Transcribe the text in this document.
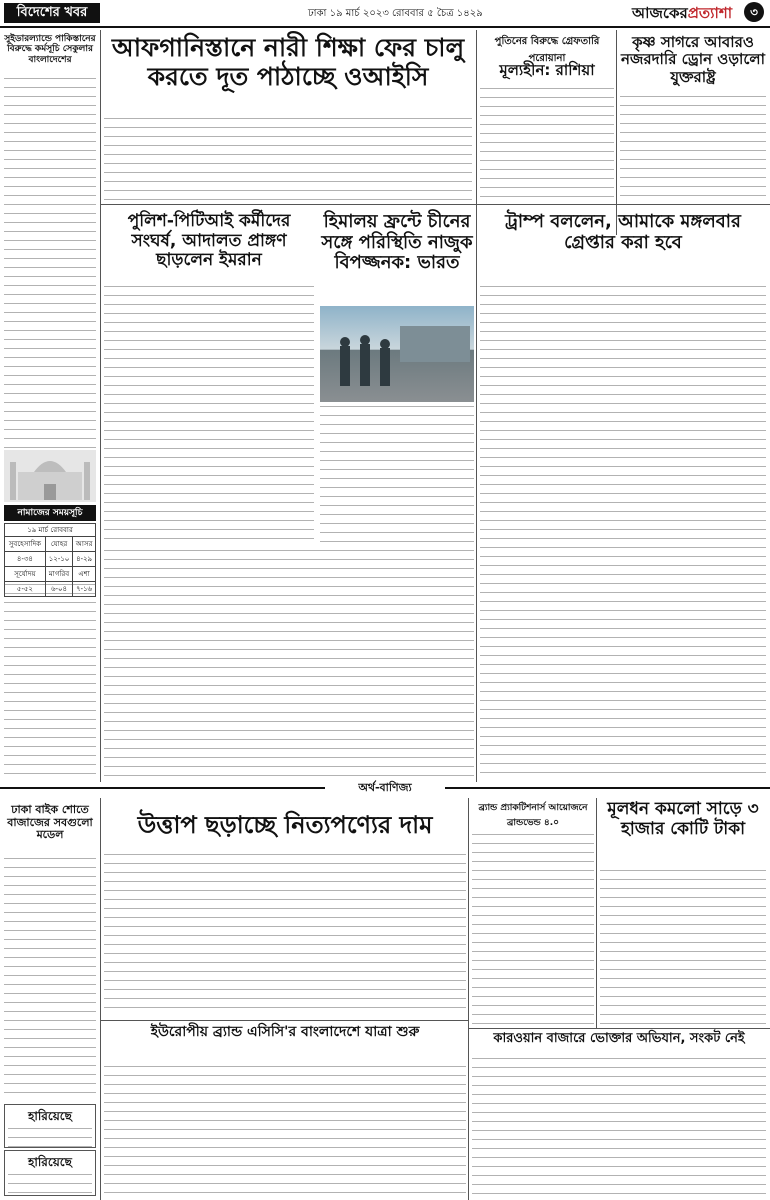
বিদেশের খবর	ঢাকা ১৯ মার্চ ২০২৩ রোববার ৫ চৈত্র ১৪২৯	আজকেরপ্রত্যাশা	৩
সুইডারল্যান্ডে পাকিস্তানের বিরুদ্ধে কর্মসূচি সেকুলার বাংলাদেশের
নামাজের সময়সূচি
১৯ মার্চ রোববার
সুবহেসাদিক	যোহর	আসর
৪-৩৪	১২-১০	৪-২৯
সূর্যোদয়	মাগরিব	এশা
৫-৫২	৬-০৪	৭-১৬
আফগানিস্তানে নারী শিক্ষা ফের চালু করতে দূত পাঠাচ্ছে ওআইসি
পুতিনের বিরুদ্ধে গ্রেফতারি পরোয়ানা
মূল্যহীন: রাশিয়া
কৃষ্ণ সাগরে আবারও নজরদারি ড্রোন ওড়ালো যুক্তরাষ্ট্র
পুলিশ-পিটিআই কর্মীদের সংঘর্ষ, আদালত প্রাঙ্গণ ছাড়লেন ইমরান
হিমালয় ফ্রন্টে চীনের সঙ্গে পরিস্থিতি নাজুক বিপজ্জনক: ভারত
ট্রাম্প বললেন, আমাকে মঙ্গলবার গ্রেপ্তার করা হবে
অর্থ-বাণিজ্য
ঢাকা বাইক শোতে বাজাজের সবগুলো মডেল	উত্তাপ ছড়াচ্ছে নিত্যপণ্যের দাম
ব্র্যান্ড প্র্যাকটিশনার্স আয়োজনে ব্রান্ডভেন্ড ৪.০
মূলধন কমলো সাড়ে ৩ হাজার কোটি টাকা
ইউরোপীয় ব্র্যান্ড এসিসি'র বাংলাদেশে যাত্রা শুরু	কারওয়ান বাজারে ভোক্তার অভিযান, সংকট নেই
হারিয়েছে
হারিয়েছে
